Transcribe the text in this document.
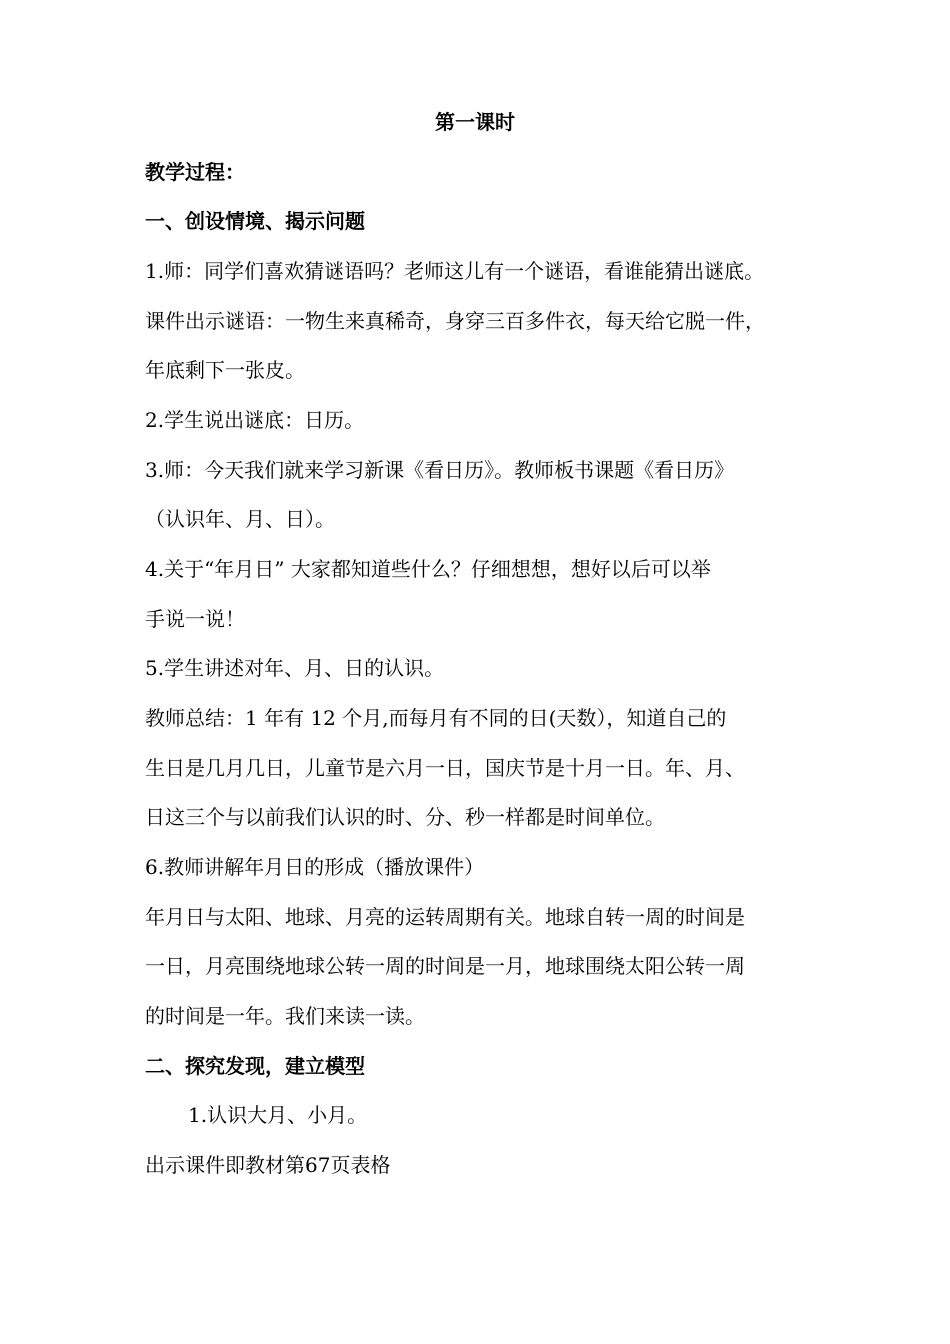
第一课时
教学过程：
一、创设情境、揭示问题
1.师：同学们喜欢猜谜语吗？老师这儿有一个谜语，看谁能猜出谜底。
课件出示谜语：一物生来真稀奇，身穿三百多件衣，每天给它脱一件，
年底剩下一张皮。
2.学生说出谜底：日历。
3.师：今天我们就来学习新课《看日历》。教师板书课题《看日历》
（认识年、月、日）。
4.关于“年月日” 大家都知道些什么？仔细想想，想好以后可以举
手说一说！
5.学生讲述对年、月、日的认识。
教师总结：1 年有 12 个月,而每月有不同的日(天数），知道自己的
生日是几月几日，儿童节是六月一日，国庆节是十月一日。年、月、
日这三个与以前我们认识的时、分、秒一样都是时间单位。
6.教师讲解年月日的形成（播放课件）
年月日与太阳、地球、月亮的运转周期有关。地球自转一周的时间是
一日，月亮围绕地球公转一周的时间是一月，地球围绕太阳公转一周
的时间是一年。我们来读一读。
二、探究发现，建立模型
1.认识大月、小月。
出示课件即教材第67页表格
